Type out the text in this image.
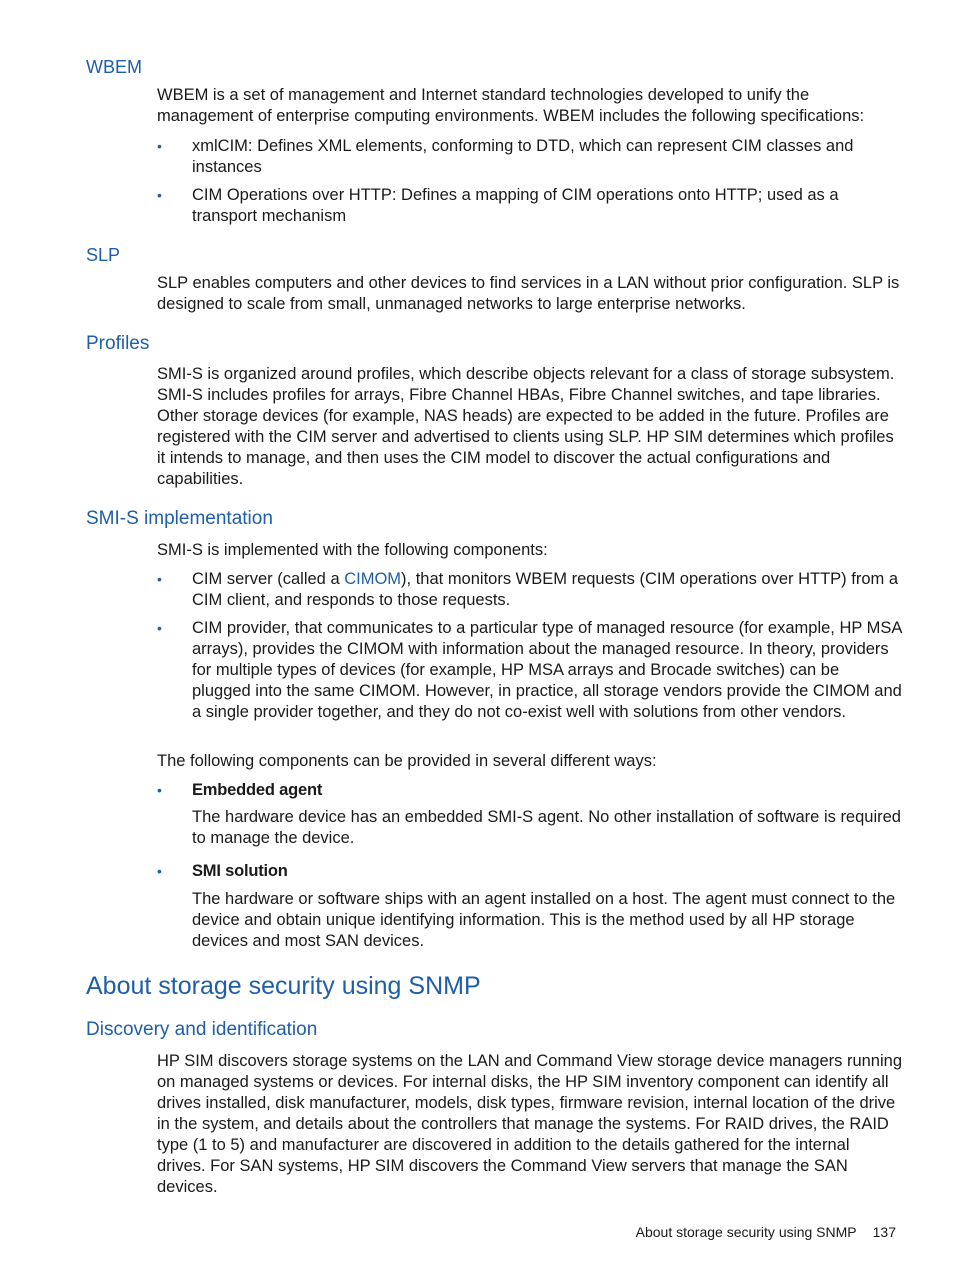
WBEM

WBEM is a set of management and Internet standard technologies developed to unify the management of enterprise computing environments. WBEM includes the following specifications:

•	xmlCIM: Defines XML elements, conforming to DTD, which can represent CIM classes and instances
•	CIM Operations over HTTP: Defines a mapping of CIM operations onto HTTP; used as a transport mechanism
SLP

SLP enables computers and other devices to find services in a LAN without prior configuration. SLP is designed to scale from small, unmanaged networks to large enterprise networks.

Profiles

SMI-S is organized around profiles, which describe objects relevant for a class of storage subsystem. SMI-S includes profiles for arrays, Fibre Channel HBAs, Fibre Channel switches, and tape libraries. Other storage devices (for example, NAS heads) are expected to be added in the future. Profiles are registered with the CIM server and advertised to clients using SLP. HP SIM determines which profiles it intends to manage, and then uses the CIM model to discover the actual configurations and capabilities.

SMI-S implementation

SMI-S is implemented with the following components:

•	CIM server (called a CIMOM), that monitors WBEM requests (CIM operations over HTTP) from a CIM client, and responds to those requests.
•	CIM provider, that communicates to a particular type of managed resource (for example, HP MSA arrays), provides the CIMOM with information about the managed resource. In theory, providers for multiple types of devices (for example, HP MSA arrays and Brocade switches) can be plugged into the same CIMOM. However, in practice, all storage vendors provide the CIMOM and a single provider together, and they do not co-exist well with solutions from other vendors.

The following components can be provided in several different ways:

•	Embedded agent

The hardware device has an embedded SMI-S agent. No other installation of software is required to manage the device.

•	SMI solution

The hardware or software ships with an agent installed on a host. The agent must connect to the device and obtain unique identifying information. This is the method used by all HP storage devices and most SAN devices.

About storage security using SNMP
Discovery and identification

HP SIM discovers storage systems on the LAN and Command View storage device managers running on managed systems or devices. For internal disks, the HP SIM inventory component can identify all drives installed, disk manufacturer, models, disk types, firmware revision, internal location of the drive in the system, and details about the controllers that manage the systems. For RAID drives, the RAID type (1 to 5) and manufacturer are discovered in addition to the details gathered for the internal drives. For SAN systems, HP SIM discovers the Command View servers that manage the SAN devices.

About storage security using SNMP 137
